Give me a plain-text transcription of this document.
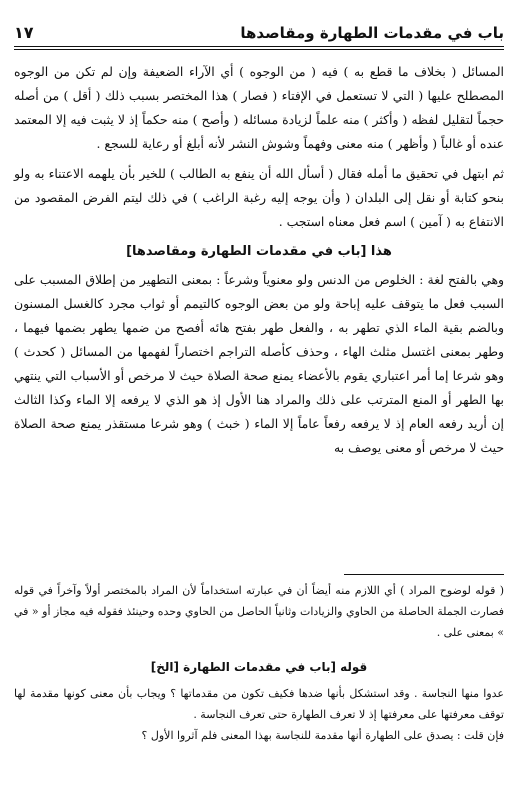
باب في مقدمات الطهارة ومقاصدها
١٧

المسائل ( بخلاف ما قطع به ) فيه ( من الوجوه ) أي الآراء الضعيفة وإن لم تكن من الوجوه المصطلح عليها ( التي لا تستعمل في الإفتاء ( فصار ) هذا المختصر بسبب ذلك ( أقل ) من أصله حجماً لتقليل لفظه ( وأكثر ) منه علماً لزيادة مسائله ( وأصح ) منه حكماً إذ لا يثبت فيه إلا المعتمد عنده أو غالباً ( وأظهر ) منه معنى وفهماً وشوش النشر لأنه أبلغ أو رعاية للسجع .

ثم ابتهل في تحقيق ما أمله فقال ( أسأل الله أن ينفع به الطالب ) للخير بأن يلهمه الاعتناء به ولو بنحو كتابة أو نقل إلى البلدان ( وأن يوجه إليه رغبة الراغب ) في ذلك ليتم الفرض المقصود من الانتفاع به ( آمين ) اسم فعل معناه استجب .

هذا [باب في مقدمات الطهارة ومقاصدها]

وهي بالفتح لغة : الخلوص من الدنس ولو معنوياً وشرعاً : بمعنى التطهير من إطلاق المسبب على السبب فعل ما يتوقف عليه إباحة ولو من بعض الوجوه كالتيمم أو ثواب مجرد كالغسل المسنون وبالضم بقية الماء الذي تطهر به ، والفعل طهر بفتح هائه أفصح من ضمها يطهر بضمها فيهما ، وطهر بمعنى اغتسل مثلث الهاء ، وحذف كأصله التراجم اختصاراً لفهمها من المسائل ( كحدث ) وهو شرعا إما أمر اعتباري يقوم بالأعضاء يمنع صحة الصلاة حيث لا مرخص أو الأسباب التي ينتهي بها الطهر أو المنع المترتب على ذلك والمراد هنا الأول إذ هو الذي لا يرفعه إلا الماء وكذا الثالث إن أريد رفعه العام إذ لا يرفعه رفعاً عاماً إلا الماء ( خبث ) وهو شرعا مستقذر يمنع صحة الصلاة حيث لا مرخص أو معنى يوصف به

( قوله لوضوح المراد ) أي اللازم منه أيضاً أن في عبارته استخداماً لأن المراد بالمختصر أولاً وآخراً في قوله فصارت الجملة الحاصلة من الحاوي والزيادات وثانياً الحاصل من الحاوي وحده وحينئذ فقوله فيه مجاز أو « في » بمعنى على .

قوله [باب في مقدمات الطهارة [الخ]

عدوا منها النجاسة . وقد استشكل بأنها ضدها فكيف تكون من مقدماتها ؟ ويجاب بأن معنى كونها مقدمة لها توقف معرفتها على معرفتها إذ لا تعرف الطهارة حتى تعرف النجاسة .

فإن قلت : يصدق على الطهارة أنها مقدمة للنجاسة بهذا المعنى فلم آثروا الأول ؟
